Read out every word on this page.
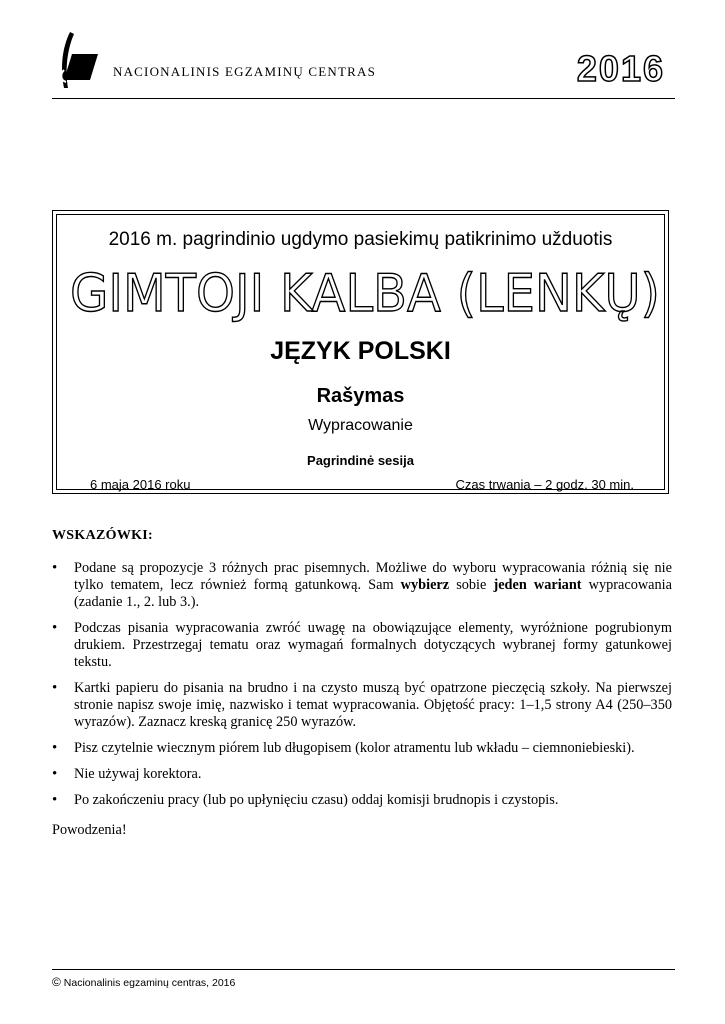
NACIONALINIS EGZAMINŲ CENTRAS	2016
2016 m. pagrindinio ugdymo pasiekimų patikrinimo užduotis
GIMTOJI KALBA (LENKŲ)
JĘZYK POLSKI
Rašymas
Wypracowanie
Pagrindinė sesija
6 maja 2016 roku	Czas trwania – 2 godz. 30 min.
WSKAZÓWKI:
• Podane są propozycje 3 różnych prac pisemnych. Możliwe do wyboru wypracowania różnią się nie tylko tematem, lecz również formą gatunkową. Sam wybierz sobie jeden wariant wypracowania (zadanie 1., 2. lub 3.).
• Podczas pisania wypracowania zwróć uwagę na obowiązujące elementy, wyróżnione pogrubionym drukiem. Przestrzegaj tematu oraz wymagań formalnych dotyczących wybranej formy gatunkowej tekstu.
• Kartki papieru do pisania na brudno i na czysto muszą być opatrzone pieczęcią szkoły. Na pierwszej stronie napisz swoje imię, nazwisko i temat wypracowania. Objętość pracy: 1–1,5 strony A4 (250–350 wyrazów). Zaznacz kreską granicę 250 wyrazów.
• Pisz czytelnie wiecznym piórem lub długopisem (kolor atramentu lub wkładu – ciemnoniebieski).
• Nie używaj korektora.
• Po zakończeniu pracy (lub po upłynięciu czasu) oddaj komisji brudnopis i czystopis.
Powodzenia!
© Nacionalinis egzaminų centras, 2016
